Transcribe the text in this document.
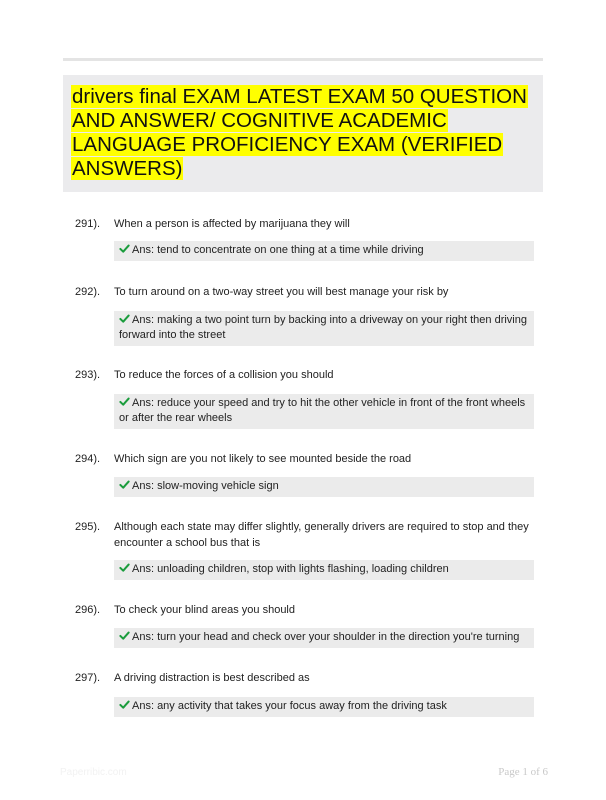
drivers final EXAM LATEST EXAM 50 QUESTION AND ANSWER/ COGNITIVE ACADEMIC LANGUAGE PROFICIENCY EXAM (VERIFIED ANSWERS)
291).	When a person is affected by marijuana they will
Ans: tend to concentrate on one thing at a time while driving
292).	To turn around on a two-way street you will best manage your risk by
Ans: making a two point turn by backing into a driveway on your right then driving forward into the street
293).	To reduce the forces of a collision you should
Ans: reduce your speed and try to hit the other vehicle in front of the front wheels or after the rear wheels
294).	Which sign are you not likely to see mounted beside the road
Ans: slow-moving vehicle sign
295).	Although each state may differ slightly, generally drivers are required to stop and they encounter a school bus that is
Ans: unloading children, stop with lights flashing, loading children
296).	To check your blind areas you should
Ans: turn your head and check over your shoulder in the direction you're turning
297).	A driving distraction is best described as
Ans: any activity that takes your focus away from the driving task
Paperribic.com	Page 1 of 6
